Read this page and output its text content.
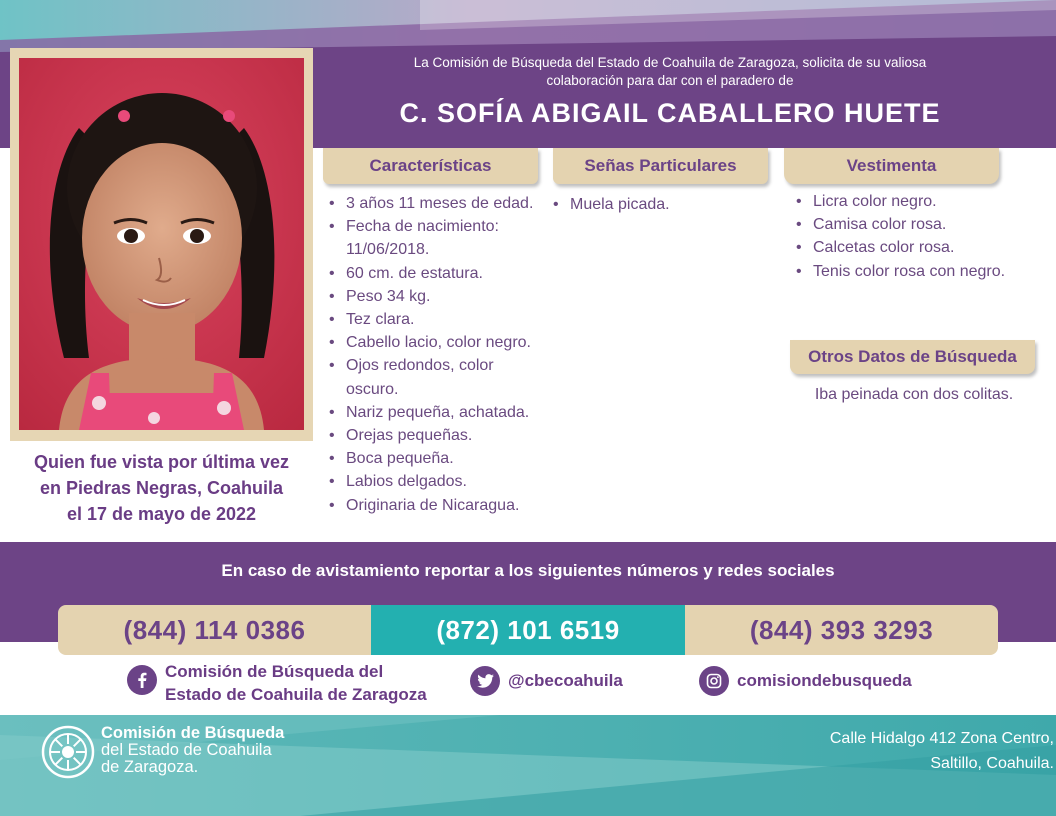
La Comisión de Búsqueda del Estado de Coahuila de Zaragoza, solicita de su valiosa
colaboración para dar con el paradero de
C. SOFÍA ABIGAIL CABALLERO HUETE
Quien fue vista por última vez
en Piedras Negras, Coahuila
el 17 de mayo de 2022
Características	Señas Particulares	Vestimenta
• 3 años 11 meses de edad.
• Fecha de nacimiento: 11/06/2018.
• 60 cm. de estatura.
• Peso 34 kg.
• Tez clara.
• Cabello lacio, color negro.
• Ojos redondos, color oscuro.
• Nariz pequeña, achatada.
• Orejas pequeñas.
• Boca pequeña.
• Labios delgados.
• Originaria de Nicaragua.
• Muela picada.
•	Licra color negro.
• Camisa color rosa.
• Calcetas color rosa.
• Tenis color rosa con negro.
Otros Datos de Búsqueda
Iba peinada con dos colitas.
En caso de avistamiento reportar a los siguientes números y redes sociales
(844) 114 0386	(872) 101 6519	(844) 393 3293
Comisión de Búsqueda del
Estado de Coahuila de Zaragoza
@cbecoahuila	comisiondebusqueda
Comisión de Búsqueda
del Estado de Coahuila
de Zaragoza.
Calle Hidalgo 412 Zona Centro,
Saltillo, Coahuila.
